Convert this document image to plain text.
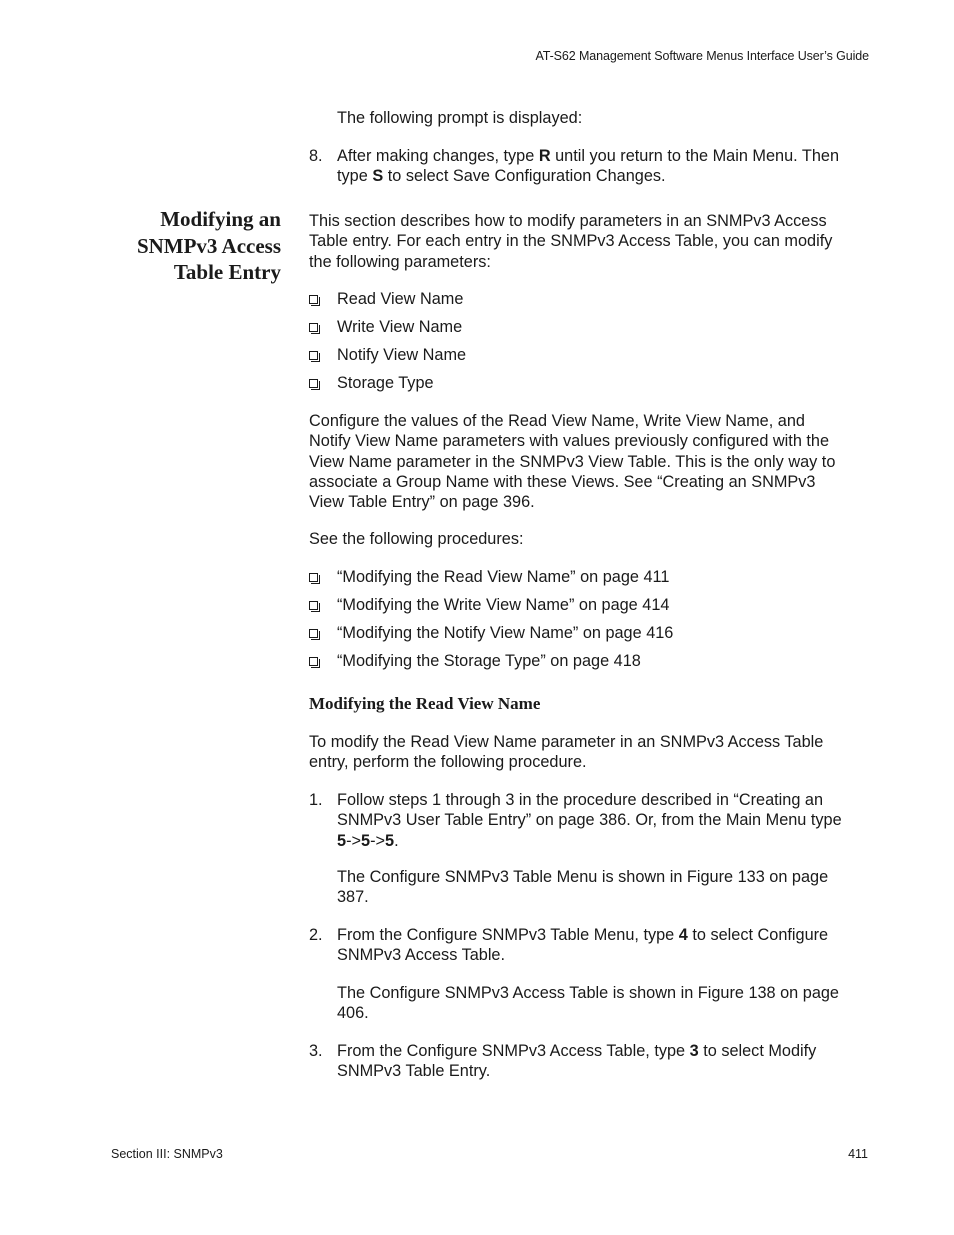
AT-S62 Management Software Menus Interface User’s Guide
The following prompt is displayed:
8. After making changes, type R until you return to the Main Menu. Then
type S to select Save Configuration Changes.
Modifying an
SNMPv3 Access
Table Entry
This section describes how to modify parameters in an SNMPv3 Access
Table entry. For each entry in the SNMPv3 Access Table, you can modify
the following parameters:
Read View Name
Write View Name
Notify View Name
Storage Type
Configure the values of the Read View Name, Write View Name, and
Notify View Name parameters with values previously configured with the
View Name parameter in the SNMPv3 View Table. This is the only way to
associate a Group Name with these Views. See “Creating an SNMPv3
View Table Entry” on page 396.
See the following procedures:
“Modifying the Read View Name” on page 411
“Modifying the Write View Name” on page 414
“Modifying the Notify View Name” on page 416
“Modifying the Storage Type” on page 418
Modifying the Read View Name
To modify the Read View Name parameter in an SNMPv3 Access Table
entry, perform the following procedure.
1. Follow steps 1 through 3 in the procedure described in “Creating an
SNMPv3 User Table Entry” on page 386. Or, from the Main Menu type
5->5->5.
The Configure SNMPv3 Table Menu is shown in Figure 133 on page
387.
2. From the Configure SNMPv3 Table Menu, type 4 to select Configure
SNMPv3 Access Table.
The Configure SNMPv3 Access Table is shown in Figure 138 on page
406.
3. From the Configure SNMPv3 Access Table, type 3 to select Modify
SNMPv3 Table Entry.
Section III: SNMPv3	411
